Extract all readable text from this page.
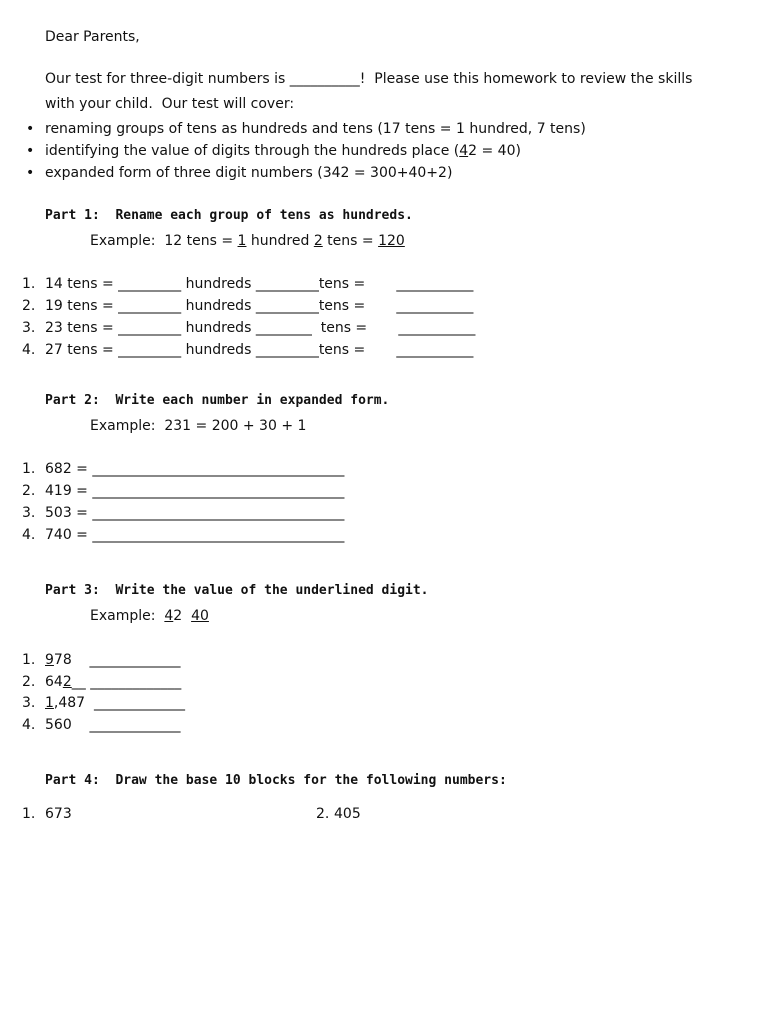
Dear Parents,
Our test for three-digit numbers is __________!  Please use this homework to review the skills
with your child.  Our test will cover:
• renaming groups of tens as hundreds and tens (17 tens = 1 hundred, 7 tens)
• identifying the value of digits through the hundreds place (42 = 40)
• expanded form of three digit numbers (342 = 300+40+2)
Part 1:  Rename each group of tens as hundreds.
Example:  12 tens = 1 hundred 2 tens = 120
1. 14 tens = _________ hundreds _________tens =       ___________
2. 19 tens = _________ hundreds _________tens =       ___________
3. 23 tens = _________ hundreds ________  tens =       ___________
4. 27 tens = _________ hundreds _________tens =       ___________
Part 2:  Write each number in expanded form.
Example:  231 = 200 + 30 + 1
1. 682 = ____________________________________
2. 419 = ____________________________________
3. 503 = ____________________________________
4. 740 = ____________________________________
Part 3:  Write the value of the underlined digit.
Example:  42  40
1. 978    _____________
2. 642__ _____________
3. 1,487  _____________
4. 560    _____________
Part 4:  Draw the base 10 blocks for the following numbers:
1. 673	2. 405
